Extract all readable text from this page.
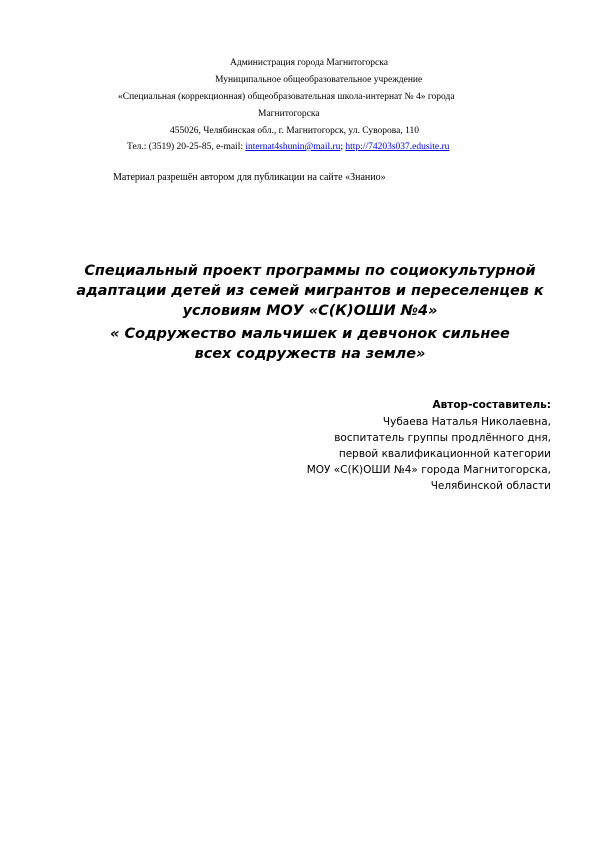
Администрация города Магнитогорска
Муниципальное общеобразовательное учреждение
«Специальная (коррекционная) общеобразовательная школа-интернат № 4» города
Магнитогорска
455026, Челябинская обл., г. Магнитогорск, ул. Суворова, 110
Тел.: (3519) 20-25-85, e-mail: internat4shunin@mail.ru; http://74203s037.edusite.ru
Материал разрешён автором для публикации на сайте «Знанио»
Специальный проект программы по социокультурной
адаптации детей из семей мигрантов и переселенцев к
условиям МОУ «С(К)ОШИ №4»
« Содружество мальчишек и девчонок сильнее
всех содружеств на земле»
Автор-составитель:
Чубаева Наталья Николаевна,
воспитатель группы продлённого дня,
первой квалификационной категории
МОУ «С(К)ОШИ №4» города Магнитогорска,
Челябинской области
